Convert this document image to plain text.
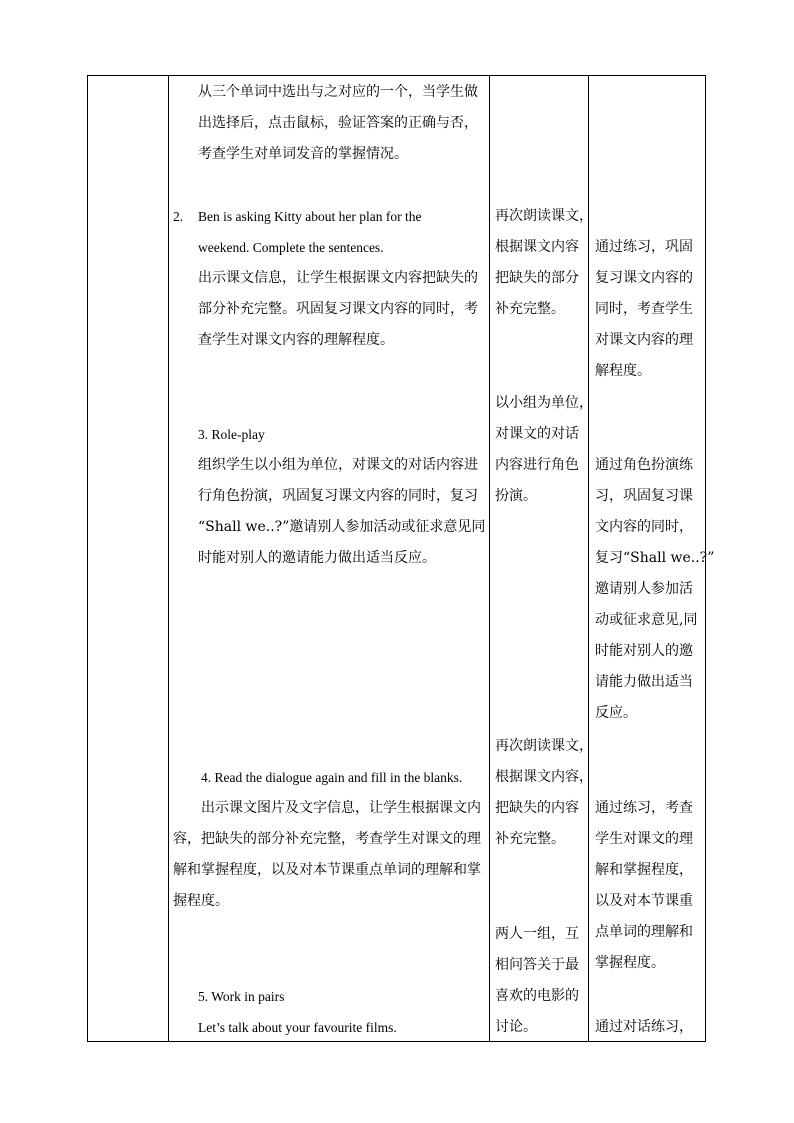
从三个单词中选出与之对应的一个，当学生做
出选择后，点击鼠标，验证答案的正确与否，
考查学生对单词发音的掌握情况。
2. Ben is asking Kitty about her plan for the
weekend. Complete the sentences.
出示课文信息，让学生根据课文内容把缺失的
部分补充完整。巩固复习课文内容的同时，考
查学生对课文内容的理解程度。
3. Role-play
组织学生以小组为单位，对课文的对话内容进
行角色扮演，巩固复习课文内容的同时，复习
“Shall we..?”邀请别人参加活动或征求意见同
时能对别人的邀请能力做出适当反应。
4. Read the dialogue again and fill in the blanks.
出示课文图片及文字信息，让学生根据课文内
容，把缺失的部分补充完整，考查学生对课文的理
解和掌握程度，以及对本节课重点单词的理解和掌
握程度。
5. Work in pairs
Let’s talk about your favourite films.
再次朗读课文，
根据课文内容
把缺失的部分
补充完整。
以小组为单位，
对课文的对话
内容进行角色
扮演。
再次朗读课文，
根据课文内容，
把缺失的内容
补充完整。
两人一组，互
相问答关于最
喜欢的电影的
讨论。
通过练习，巩固
复习课文内容的
同时，考查学生
对课文内容的理
解程度。
通过角色扮演练
习，巩固复习课
文内容的同时，
复习“Shall we..?”
邀请别人参加活
动或征求意见,同
时能对别人的邀
请能力做出适当
反应。
通过练习，考查
学生对课文的理
解和掌握程度，
以及对本节课重
点单词的理解和
掌握程度。
通过对话练习，
